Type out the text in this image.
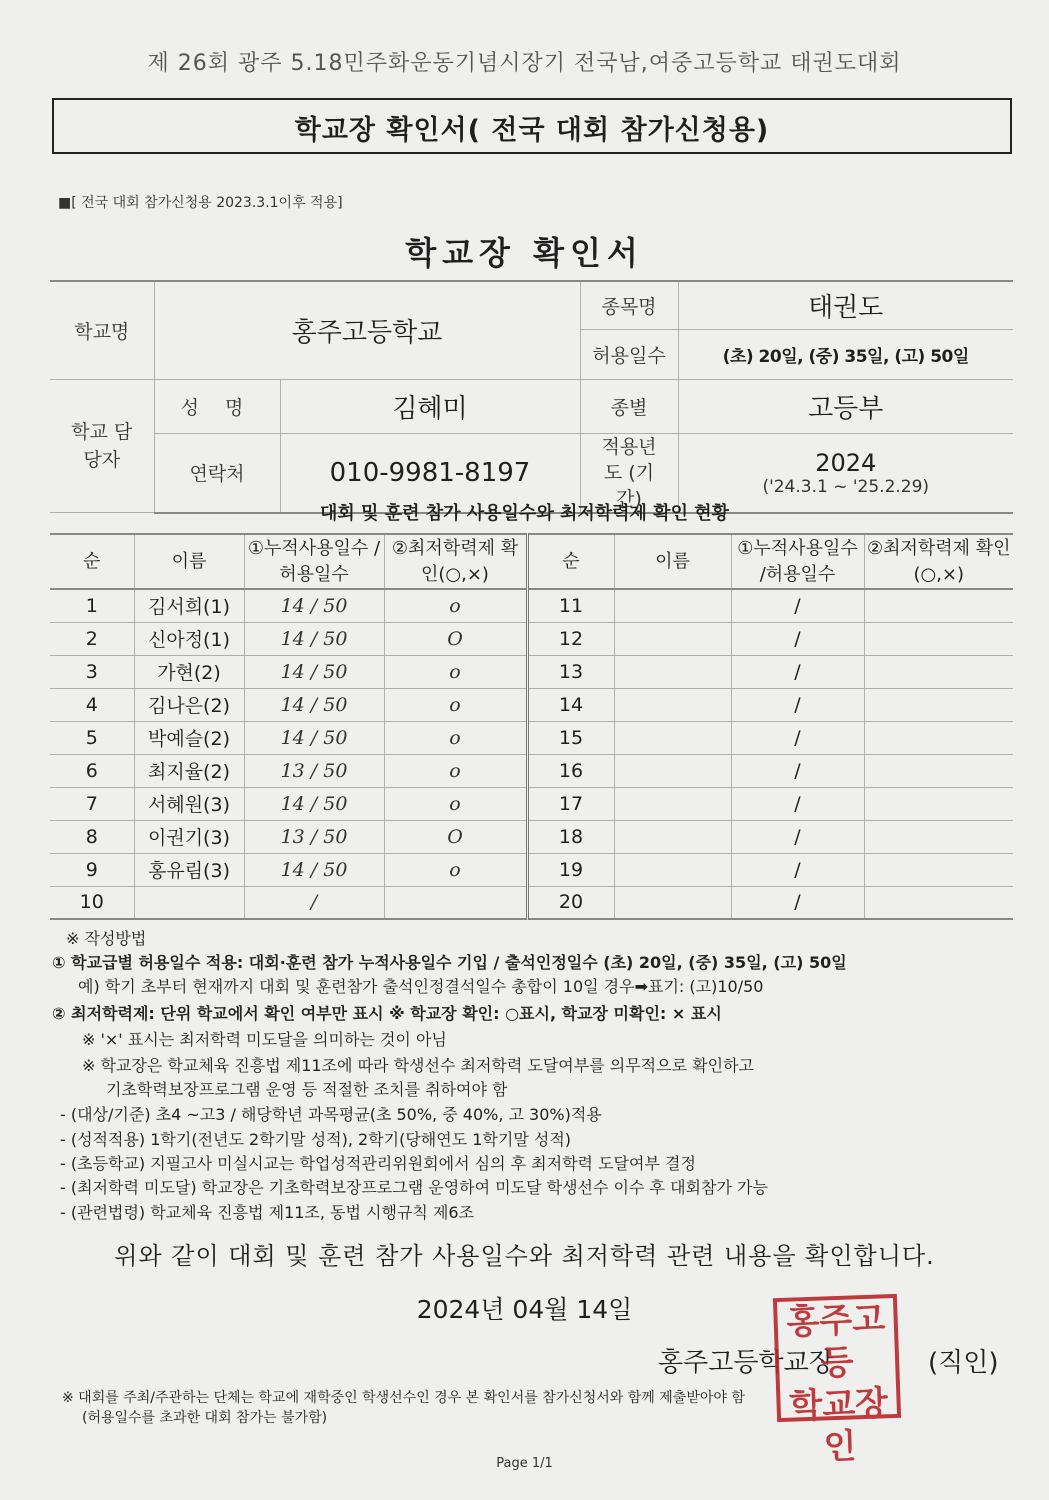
제 26회 광주 5.18민주화운동기념시장기 전국남,여중고등학교 태권도대회
학교장 확인서( 전국 대회 참가신청용)
■[ 전국 대회 참가신청용 2023.3.1이후 적용]
학교장 확인서
학교명	홍주고등학교		종목명	태권도
			허용일수	(초) 20일, (중) 35일, (고) 50일
학교 담당자	성 명	김혜미	종별	고등부
	연락처	010-9981-8197	적용년도 (기간)	2024
('24.3.1 ~ '25.2.29)
대회 및 훈련 참가 사용일수와 최저학력제 확인 현황
순	이름	①누적사용일수 /허용일수	②최저학력제 확인(○,×)	순	이름	①누적사용일수 /허용일수	②최저학력제 확인(○,×)
1	김서희(1)	14 / 50	o	11		/	
2	신아정(1)	14 / 50	O	12		/	
3	가현(2)	14 / 50	o	13		/	
4	김나은(2)	14 / 50	o	14		/	
5	박예슬(2)	14 / 50	o	15		/	
6	최지율(2)	13 / 50	o	16		/	
7	서혜원(3)	14 / 50	o	17		/	
8	이권기(3)	13 / 50	O	18		/	
9	홍유림(3)	14 / 50	o	19		/	
10		/		20		/	
※ 작성방법
① 학교급별 허용일수 적용: 대회·훈련 참가 누적사용일수 기입 / 출석인정일수 (초) 20일, (중) 35일, (고) 50일
예) 학기 초부터 현재까지 대회 및 훈련참가 출석인정결석일수 총합이 10일 경우➡표기: (고)10/50
② 최저학력제: 단위 학교에서 확인 여부만 표시 ※ 학교장 확인: ○표시, 학교장 미확인: × 표시
※ '×' 표시는 최저학력 미도달을 의미하는 것이 아님
※ 학교장은 학교체육 진흥법 제11조에 따라 학생선수 최저학력 도달여부를 의무적으로 확인하고
기초학력보장프로그램 운영 등 적절한 조치를 취하여야 함
- (대상/기준) 초4 ~고3 / 해당학년 과목평균(초 50%, 중 40%, 고 30%)적용
- (성적적용) 1학기(전년도 2학기말 성적), 2학기(당해연도 1학기말 성적)
- (초등학교) 지필고사 미실시교는 학업성적관리위원회에서 심의 후 최저학력 도달여부 결정
- (최저학력 미도달) 학교장은 기초학력보장프로그램 운영하여 미도달 학생선수 이수 후 대회참가 가능
- (관련법령) 학교체육 진흥법 제11조, 동법 시행규칙 제6조
위와 같이 대회 및 훈련 참가 사용일수와 최저학력 관련 내용을 확인합니다.
2024년 04월 14일
홍주고등학교장	(직인)
홍주고등
학교장인
※ 대회를 주최/주관하는 단체는 학교에 재학중인 학생선수인 경우 본 확인서를 참가신청서와 함께 제출받아야 함
(허용일수를 초과한 대회 참가는 불가함)
Page 1/1
